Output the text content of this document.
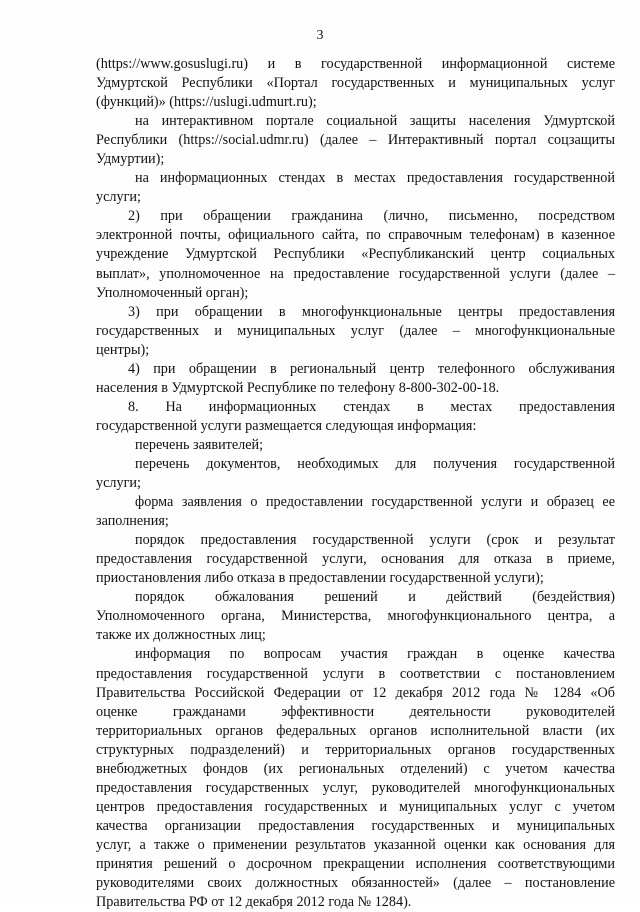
3
(https://www.gosuslugi.ru) и в государственной информационной системе
Удмуртской Республики «Портал государственных и муниципальных услуг
(функций)» (https://uslugi.udmurt.ru);
на интерактивном портале социальной защиты населения Удмуртской
Республики (https://social.udmr.ru) (далее – Интерактивный портал соцзащиты
Удмуртии);
на информационных стендах в местах предоставления государственной
услуги;
2) при обращении гражданина (лично, письменно, посредством
электронной почты, официального сайта, по справочным телефонам) в казенное
учреждение Удмуртской Республики «Республиканский центр социальных
выплат», уполномоченное на предоставление государственной услуги (далее –
Уполномоченный орган);
3) при обращении в многофункциональные центры предоставления
государственных и муниципальных услуг (далее – многофункциональные
центры);
4) при обращении в региональный центр телефонного обслуживания
населения в Удмуртской Республике по телефону 8-800-302-00-18.
8. На информационных стендах в местах предоставления
государственной услуги размещается следующая информация:
перечень заявителей;
перечень документов, необходимых для получения государственной
услуги;
форма заявления о предоставлении государственной услуги и образец ее
заполнения;
порядок предоставления государственной услуги (срок и результат
предоставления государственной услуги, основания для отказа в приеме,
приостановления либо отказа в предоставлении государственной услуги);
порядок обжалования решений и действий (бездействия)
Уполномоченного органа, Министерства, многофункционального центра, а
также их должностных лиц;
информация по вопросам участия граждан в оценке качества
предоставления государственной услуги в соответствии с постановлением
Правительства Российской Федерации от 12 декабря 2012 года № 1284 «Об
оценке гражданами эффективности деятельности руководителей
территориальных органов федеральных органов исполнительной власти (их
структурных подразделений) и территориальных органов государственных
внебюджетных фондов (их региональных отделений) с учетом качества
предоставления государственных услуг, руководителей многофункциональных
центров предоставления государственных и муниципальных услуг с учетом
качества организации предоставления государственных и муниципальных
услуг, а также о применении результатов указанной оценки как основания для
принятия решений о досрочном прекращении исполнения соответствующими
руководителями своих должностных обязанностей» (далее – постановление
Правительства РФ от 12 декабря 2012 года № 1284).
